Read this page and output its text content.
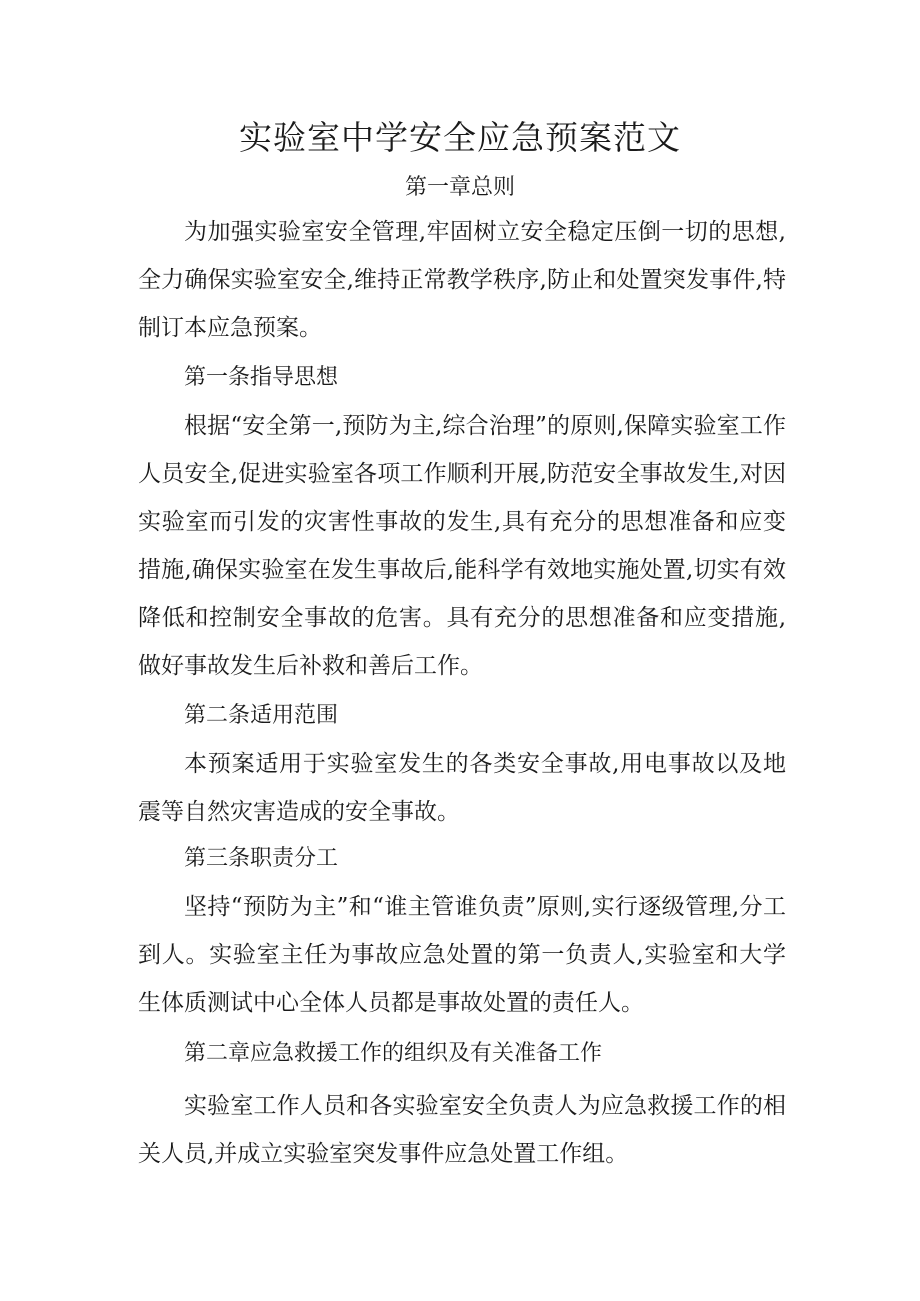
实验室中学安全应急预案范文
第一章总则

为加强实验室安全管理,牢固树立安全稳定压倒一切的思想,全力确保实验室安全,维持正常教学秩序,防止和处置突发事件,特制订本应急预案。

第一条指导思想

根据“安全第一,预防为主,综合治理”的原则,保障实验室工作人员安全,促进实验室各项工作顺利开展,防范安全事故发生,对因实验室而引发的灾害性事故的发生,具有充分的思想准备和应变措施,确保实验室在发生事故后,能科学有效地实施处置,切实有效降低和控制安全事故的危害。具有充分的思想准备和应变措施,做好事故发生后补救和善后工作。

第二条适用范围

本预案适用于实验室发生的各类安全事故,用电事故以及地震等自然灾害造成的安全事故。

第三条职责分工

坚持“预防为主”和“谁主管谁负责”原则,实行逐级管理,分工到人。实验室主任为事故应急处置的第一负责人,实验室和大学生体质测试中心全体人员都是事故处置的责任人。

第二章应急救援工作的组织及有关准备工作

实验室工作人员和各实验室安全负责人为应急救援工作的相关人员,并成立实验室突发事件应急处置工作组。
